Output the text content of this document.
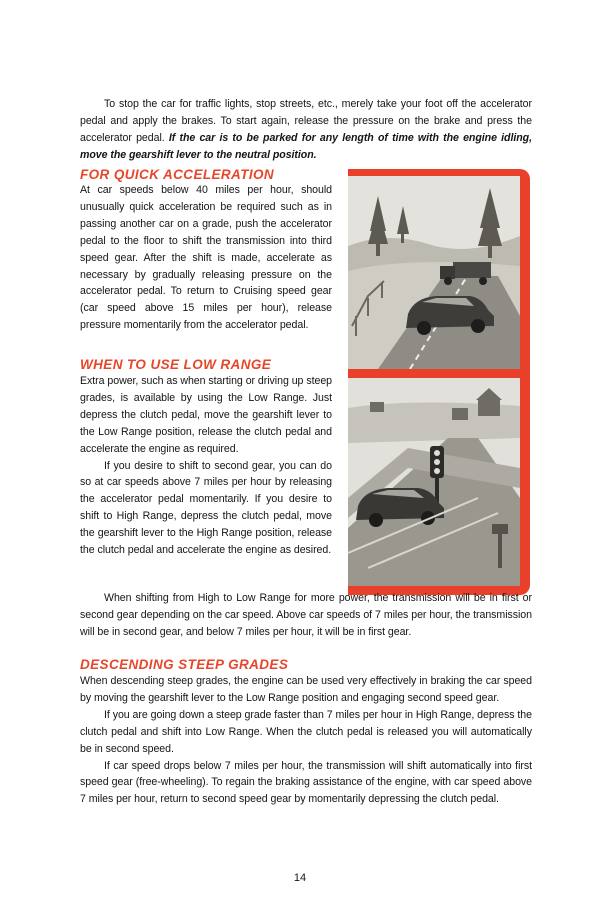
To stop the car for traffic lights, stop streets, etc., merely take your foot off the accelerator pedal and apply the brakes. To start again, release the pressure on the brake and press the accelerator pedal. If the car is to be parked for any length of time with the engine idling, move the gearshift lever to the neutral position.

FOR QUICK ACCELERATION

At car speeds below 40 miles per hour, should unusually quick acceleration be required such as in passing another car on a grade, push the accelerator pedal to the floor to shift the transmission into third speed gear. After the shift is made, accelerate as necessary by gradually releasing pressure on the accelerator pedal. To return to Cruising speed gear (car speed above 15 miles per hour), release pressure momentarily from the accelerator pedal.

WHEN TO USE LOW RANGE

Extra power, such as when starting or driving up steep grades, is available by using the Low Range. Just depress the clutch pedal, move the gearshift lever to the Low Range position, release the clutch pedal and accelerate the engine as required.

If you desire to shift to second gear, you can do so at car speeds above 7 miles per hour by releasing the accelerator pedal momentarily. If you desire to shift to High Range, depress the clutch pedal, move the gearshift lever to the High Range position, release the clutch pedal and accelerate the engine as desired.

When shifting from High to Low Range for more power, the transmission will be in first or second gear depending on the car speed. Above car speeds of 7 miles per hour, the transmission will be in second gear, and below 7 miles per hour, it will be in first gear.

DESCENDING STEEP GRADES

When descending steep grades, the engine can be used very effectively in braking the car speed by moving the gearshift lever to the Low Range position and engaging second speed gear.

If you are going down a steep grade faster than 7 miles per hour in High Range, depress the clutch pedal and shift into Low Range. When the clutch pedal is released you will automatically be in second speed.

If car speed drops below 7 miles per hour, the transmission will shift automatically into first speed gear (free-wheeling). To regain the braking assistance of the engine, with car speed above 7 miles per hour, return to second speed gear by momentarily depressing the clutch pedal.

14
